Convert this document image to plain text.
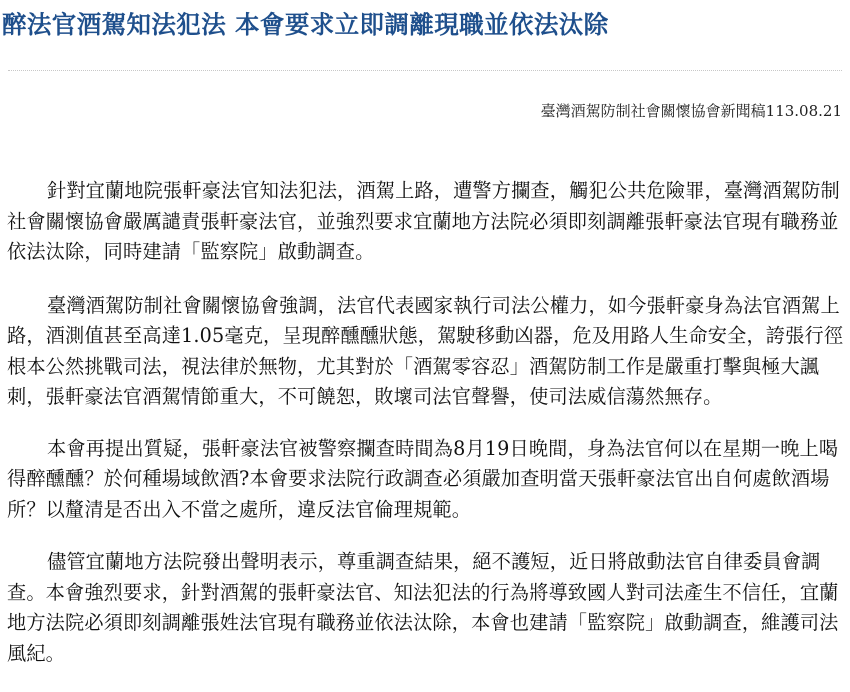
醉法官酒駕知法犯法 本會要求立即調離現職並依法汰除
臺灣酒駕防制社會關懷協會新聞稿113.08.21

針對宜蘭地院張軒豪法官知法犯法，酒駕上路，遭警方攔查，觸犯公共危險罪，臺灣酒駕防制社會關懷協會嚴厲譴責張軒豪法官，並強烈要求宜蘭地方法院必須即刻調離張軒豪法官現有職務並依法汰除，同時建請「監察院」啟動調查。

臺灣酒駕防制社會關懷協會強調，法官代表國家執行司法公權力，如今張軒豪身為法官酒駕上路，酒測值甚至高達1.05毫克，呈現醉醺醺狀態，駕駛移動凶器，危及用路人生命安全，誇張行徑根本公然挑戰司法，視法律於無物，尤其對於「酒駕零容忍」酒駕防制工作是嚴重打擊與極大諷刺，張軒豪法官酒駕情節重大，不可饒恕，敗壞司法官聲譽，使司法威信蕩然無存。

本會再提出質疑，張軒豪法官被警察攔查時間為8月19日晚間，身為法官何以在星期一晚上喝得醉醺醺？於何種場域飲酒?本會要求法院行政調查必須嚴加查明當天張軒豪法官出自何處飲酒場所？以釐清是否出入不當之處所，違反法官倫理規範。

儘管宜蘭地方法院發出聲明表示，尊重調查結果，絕不護短，近日將啟動法官自律委員會調查。本會強烈要求，針對酒駕的張軒豪法官、知法犯法的行為將導致國人對司法產生不信任，宜蘭地方法院必須即刻調離張姓法官現有職務並依法汰除，本會也建請「監察院」啟動調查，維護司法風紀。
